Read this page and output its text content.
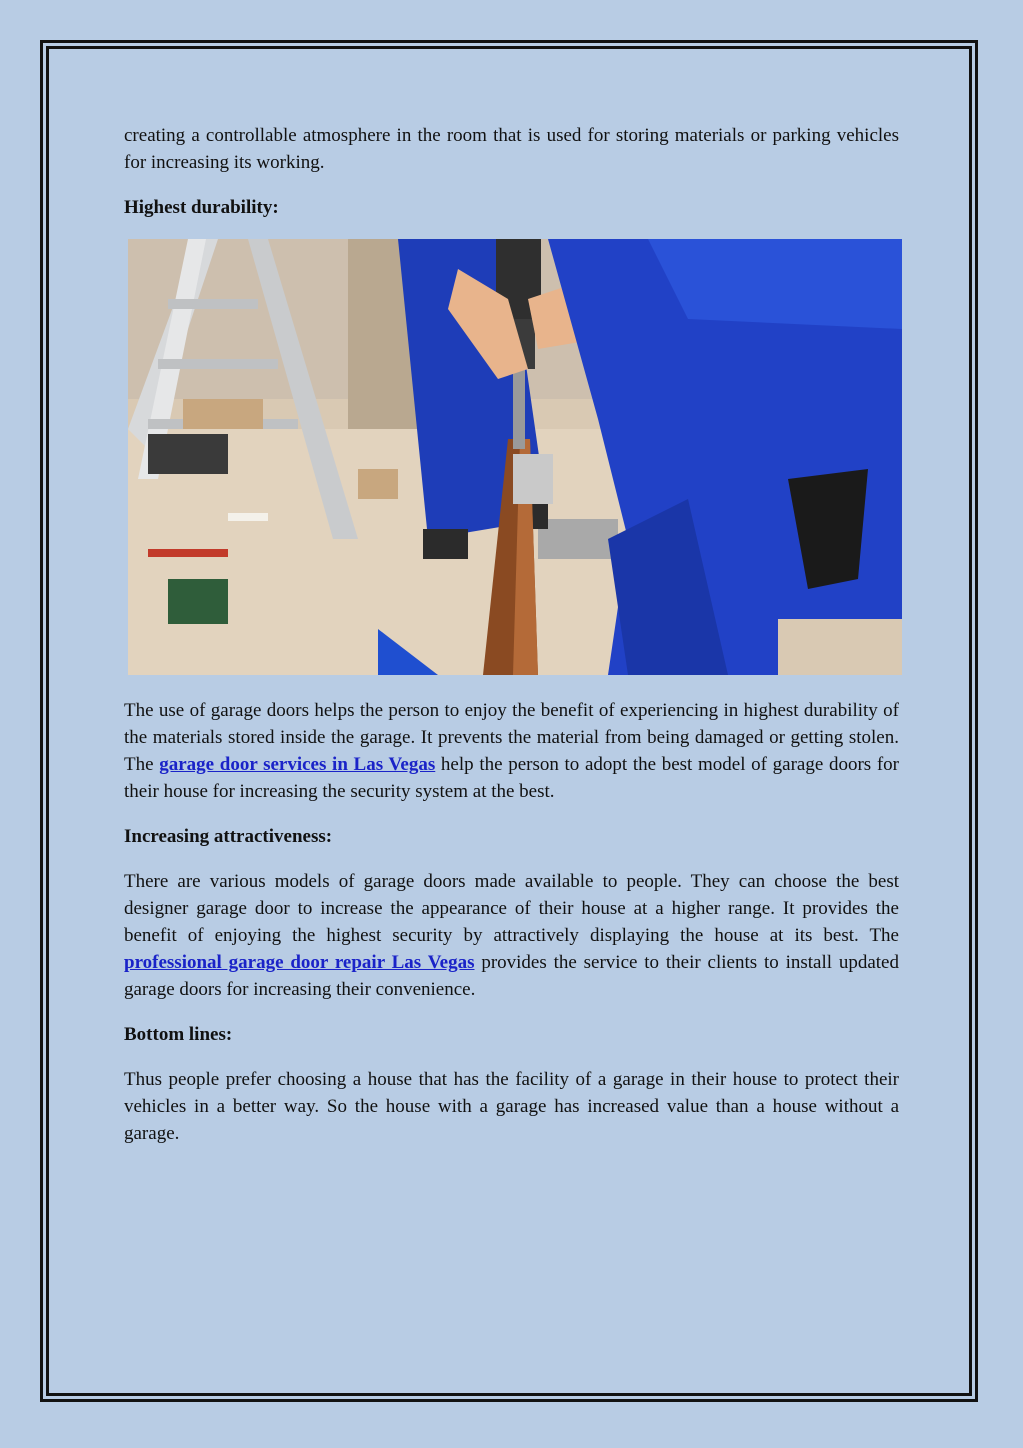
creating a controllable atmosphere in the room that is used for storing materials or parking vehicles for increasing its working.

Highest durability:

The use of garage doors helps the person to enjoy the benefit of experiencing in highest durability of the materials stored inside the garage. It prevents the material from being damaged or getting stolen. The garage door services in Las Vegas help the person to adopt the best model of garage doors for their house for increasing the security system at the best.

Increasing attractiveness:

There are various models of garage doors made available to people. They can choose the best designer garage door to increase the appearance of their house at a higher range. It provides the benefit of enjoying the highest security by attractively displaying the house at its best. The professional garage door repair Las Vegas provides the service to their clients to install updated garage doors for increasing their convenience.

Bottom lines:

Thus people prefer choosing a house that has the facility of a garage in their house to protect their vehicles in a better way. So the house with a garage has increased value than a house without a garage.
